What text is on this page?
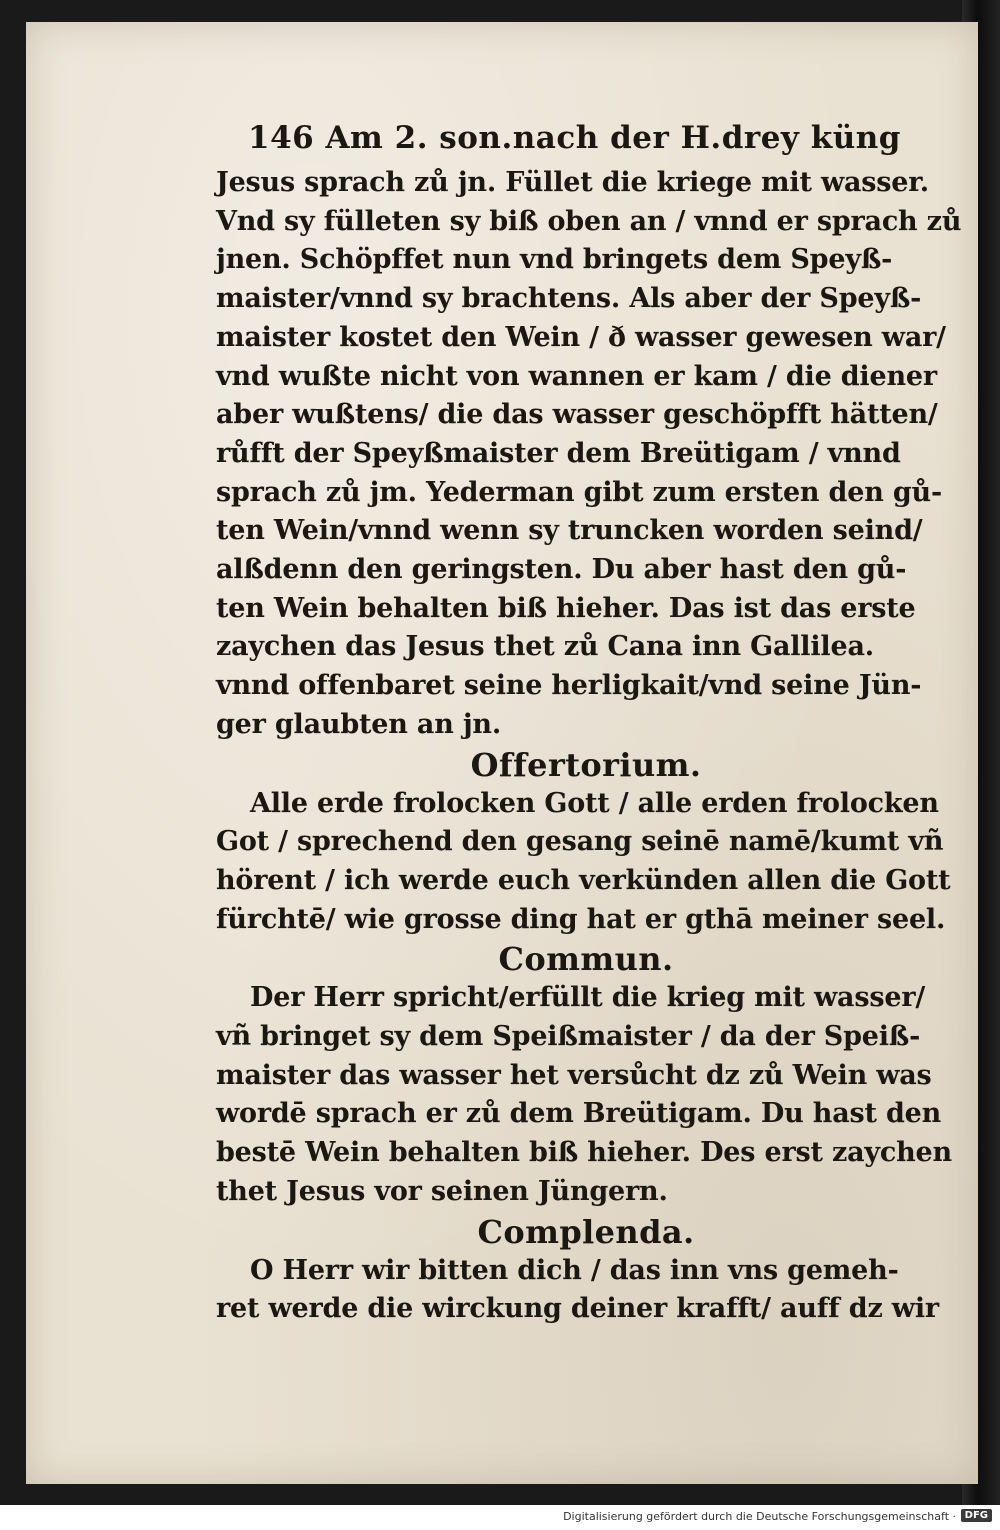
146 Am 2. son.nach der H.drey küng
Jesus sprach zů jn. Füllet die kriege mit wasser.
Vnd sy fülleten sy biß oben an / vnnd er sprach zů
jnen. Schöpffet nun vnd bringets dem Speyß-
maister/vnnd sy brachtens. Als aber der Speyß-
maister kostet den Wein / ð wasser gewesen war/
vnd wußte nicht von wannen er kam / die diener
aber wußtens/ die das wasser geschöpfft hätten/
růfft der Speyßmaister dem Breütigam / vnnd
sprach zů jm. Yederman gibt zum ersten den gů-
ten Wein/vnnd wenn sy truncken worden seind/
alßdenn den geringsten. Du aber hast den gů-
ten Wein behalten biß hieher. Das ist das erste
zaychen das Jesus thet zů Cana inn Gallilea.
vnnd offenbaret seine herligkait/vnd seine Jün-
ger glaubten an jn.
Offertorium.
Alle erde frolocken Gott / alle erden frolocken
Got / sprechend den gesang seinē namē/kumt vñ
hörent / ich werde euch verkünden allen die Gott
fürchtē/ wie grosse ding hat er gthā meiner seel.
Commun.
Der Herr spricht/erfüllt die krieg mit wasser/
vñ bringet sy dem Speißmaister / da der Speiß-
maister das wasser het versůcht dz zů Wein was
wordē sprach er zů dem Breütigam. Du hast den
bestē Wein behalten biß hieher. Des erst zaychen
thet Jesus vor seinen Jüngern.
Complenda.
O Herr wir bitten dich / das inn vns gemeh-
ret werde die wirckung deiner krafft/ auff dz wir
Digitalisierung gefördert durch die Deutsche Forschungsgemeinschaft · DFG
